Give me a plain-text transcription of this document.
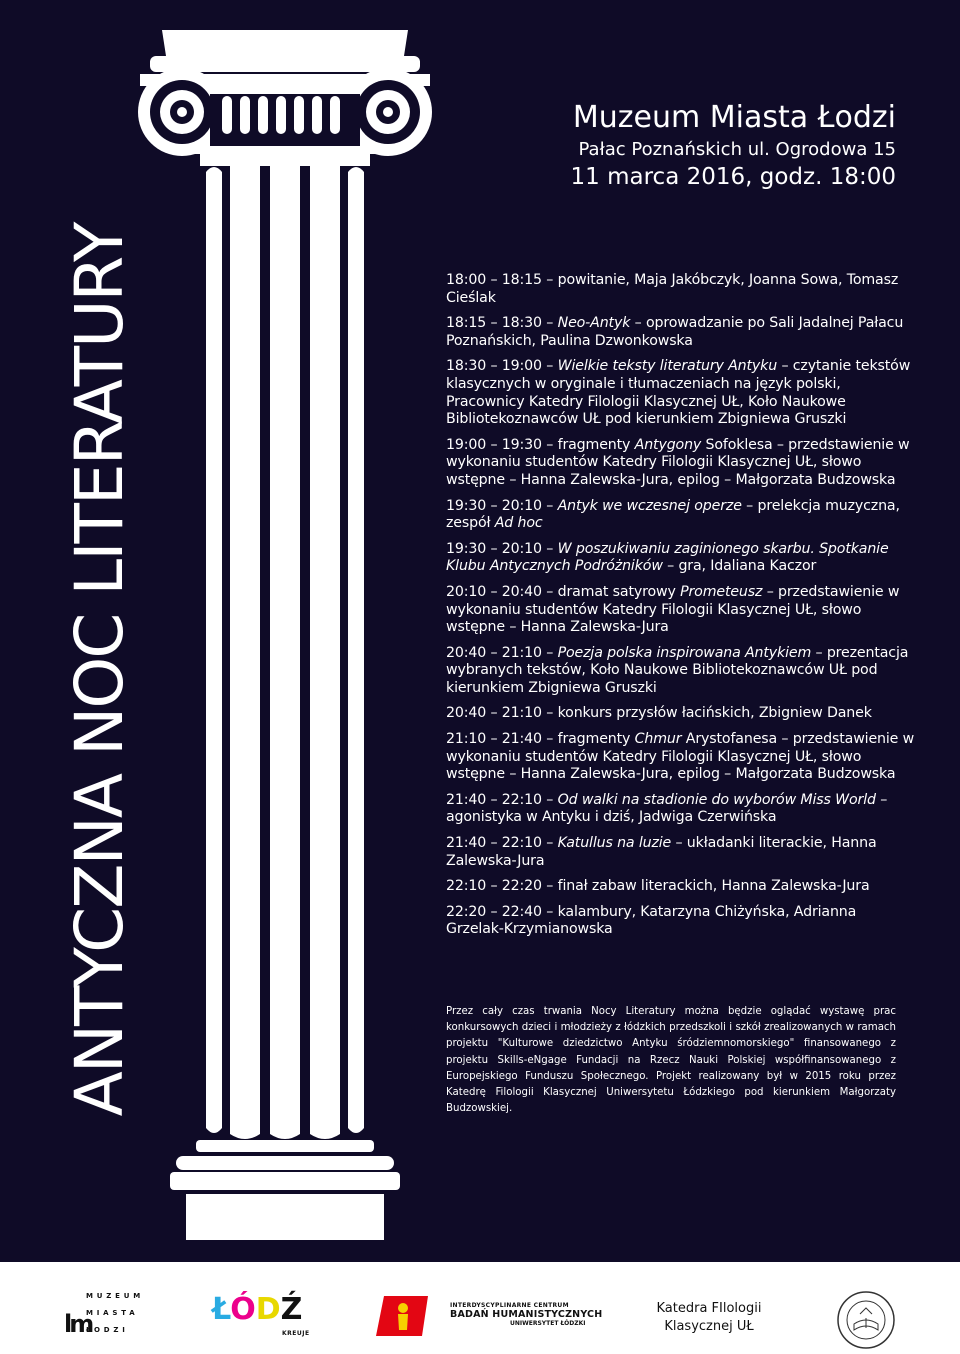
ANTYCZNA NOC LITERATURY
Muzeum Miasta Łodzi
Pałac Poznańskich ul. Ogrodowa 15
11 marca 2016, godz. 18:00
18:00 – 18:15 – powitanie, Maja Jakóbczyk, Joanna Sowa, Tomasz Cieślak
18:15 – 18:30 – Neo-Antyk – oprowadzanie po Sali Jadalnej Pałacu Poznańskich, Paulina Dzwonkowska
18:30 – 19:00 – Wielkie teksty literatury Antyku – czytanie tekstów klasycznych w oryginale i tłumaczeniach na język polski, Pracownicy Katedry Filologii Klasycznej UŁ, Koło Naukowe Bibliotekoznawców UŁ pod kierunkiem Zbigniewa Gruszki
19:00 – 19:30 – fragmenty Antygony Sofoklesa – przedstawienie w wykonaniu studentów Katedry Filologii Klasycznej UŁ, słowo wstępne – Hanna Zalewska-Jura, epilog – Małgorzata Budzowska
19:30 – 20:10 – Antyk we wczesnej operze – prelekcja muzyczna, zespół Ad hoc
19:30 – 20:10 – W poszukiwaniu zaginionego skarbu. Spotkanie Klubu Antycznych Podróżników – gra, Idaliana Kaczor
20:10 – 20:40 – dramat satyrowy Prometeusz – przedstawienie w wykonaniu studentów Katedry Filologii Klasycznej UŁ, słowo wstępne – Hanna Zalewska-Jura
20:40 – 21:10 – Poezja polska inspirowana Antykiem – prezentacja wybranych tekstów, Koło Naukowe Bibliotekoznawców UŁ pod kierunkiem Zbigniewa Gruszki
20:40 – 21:10 – konkurs przysłów łacińskich, Zbigniew Danek
21:10 – 21:40 – fragmenty Chmur Arystofanesa – przedstawienie w wykonaniu studentów Katedry Filologii Klasycznej UŁ, słowo wstępne – Hanna Zalewska-Jura, epilog – Małgorzata Budzowska
21:40 – 22:10 – Od walki na stadionie do wyborów Miss World – agonistyka w Antyku i dziś, Jadwiga Czerwińska
21:40 – 22:10 – Katullus na luzie – układanki literackie, Hanna Zalewska-Jura
22:10 – 22:20 – finał zabaw literackich, Hanna Zalewska-Jura
22:20 – 22:40 – kalambury, Katarzyna Chiżyńska, Adrianna Grzelak-Krzymianowska
Przez cały czas trwania Nocy Literatury można będzie oglądać wystawę prac konkursowych dzieci i młodzieży z łódzkich przedszkoli i szkół zrealizowanych w ramach projektu "Kulturowe dziedzictwo Antyku śródziemnomorskiego" finansowanego z projektu Skills-eNgage Fundacji na Rzecz Nauki Polskiej współfinansowanego z Europejskiego Funduszu Społecznego. Projekt realizowany był w 2015 roku przez Katedrę Filologii Klasycznej Uniwersytetu Łódzkiego pod kierunkiem Małgorzaty Budzowskiej.
lm
MUZEUM
MIASTA
ŁODZI
ŁÓDŹ
KREUJE
INTERDYSCYPLINARNE CENTRUM
BADAŃ HUMANISTYCZNYCH
UNIWERSYTET ŁÓDZKI
Katedra FIlologii
Klasycznej UŁ
